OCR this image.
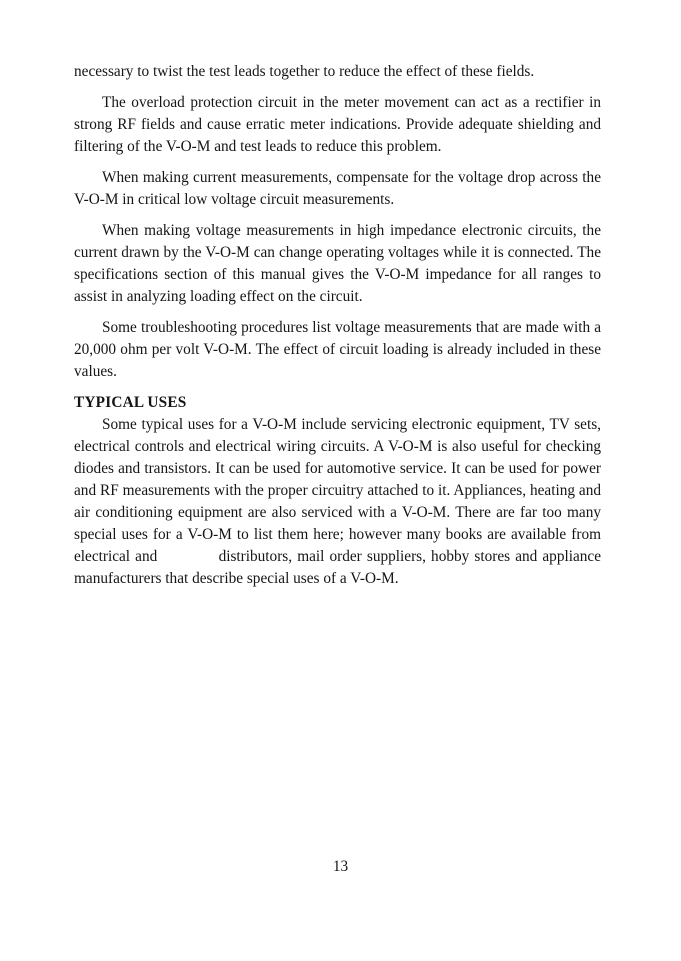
necessary to twist the test leads together to reduce the effect of these fields.

The overload protection circuit in the meter movement can act as a rectifier in strong RF fields and cause erratic meter indications. Provide adequate shielding and filtering of the V-O-M and test leads to reduce this problem.

When making current measurements, compensate for the voltage drop across the V-O-M in critical low voltage circuit measurements.

When making voltage measurements in high impedance electronic circuits, the current drawn by the V-O-M can change operating voltages while it is connected. The specifications section of this manual gives the V-O-M impedance for all ranges to assist in analyzing loading effect on the circuit.

Some troubleshooting procedures list voltage measurements that are made with a 20,000 ohm per volt V-O-M. The effect of circuit loading is already included in these values.

TYPICAL USES

Some typical uses for a V-O-M include servicing electronic equipment, TV sets, electrical controls and electrical wiring circuits. A V-O-M is also useful for checking diodes and transistors. It can be used for automotive service. It can be used for power and RF measurements with the proper circuitry attached to it. Appliances, heating and air conditioning equipment are also serviced with a V-O-M. There are far too many special uses for a V-O-M to list them here; however many books are available from electrical and            distributors, mail order suppliers, hobby stores and appliance manufacturers that describe special uses of a V-O-M.

13
